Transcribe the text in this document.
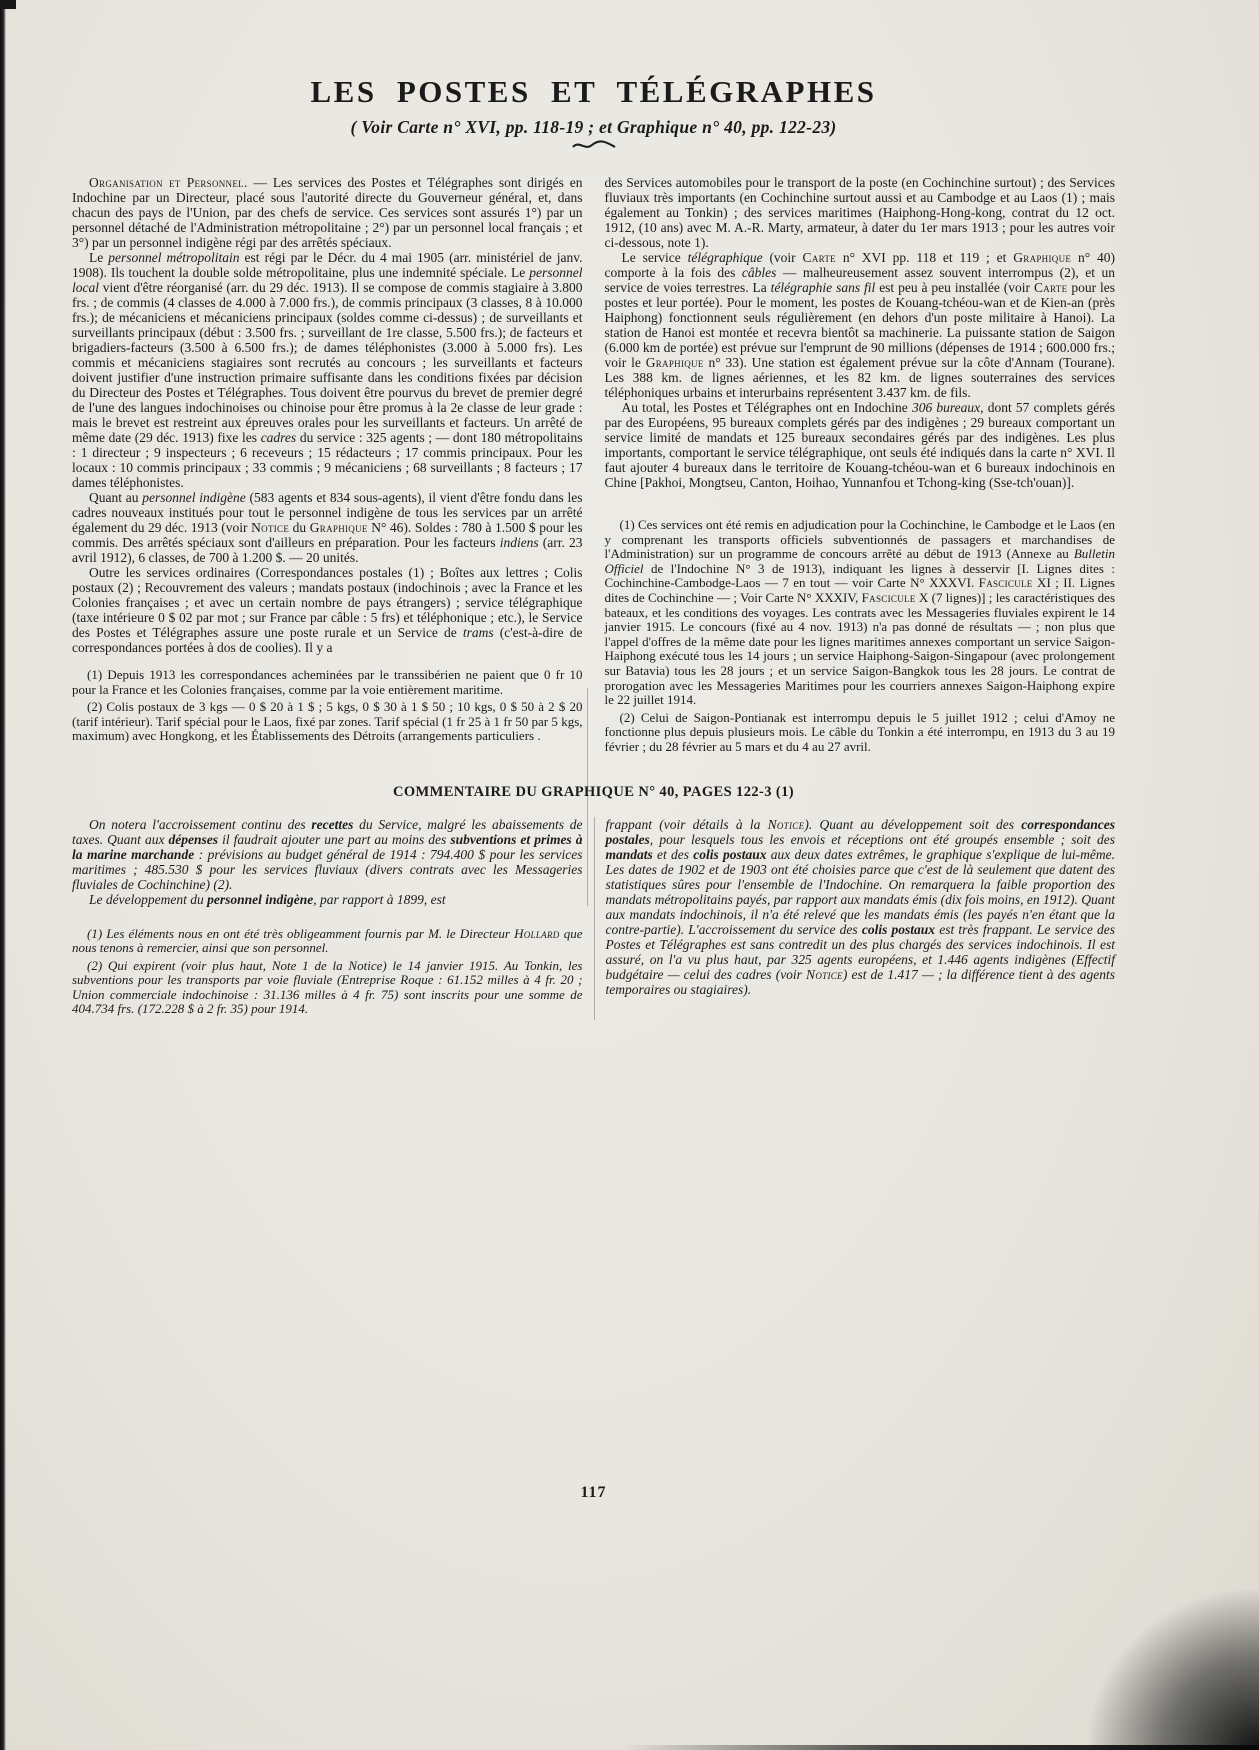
LES POSTES ET TÉLÉGRAPHES
( Voir Carte n° XVI, pp. 118-19 ; et Graphique n° 40, pp. 122-23)

Organisation et Personnel. — Les services des Postes et Télégraphes sont dirigés en Indochine par un Directeur, placé sous l'autorité directe du Gouverneur général, et, dans chacun des pays de l'Union, par des chefs de service. Ces services sont assurés 1°) par un personnel détaché de l'Administration métropolitaine ; 2°) par un personnel local français ; et 3°) par un personnel indigène régi par des arrêtés spéciaux.

Le personnel métropolitain est régi par le Décr. du 4 mai 1905 (arr. ministériel de janv. 1908). Ils touchent la double solde métropolitaine, plus une indemnité spéciale. Le personnel local vient d'être réorganisé (arr. du 29 déc. 1913). Il se compose de commis stagiaire à 3.800 frs. ; de commis (4 classes de 4.000 à 7.000 frs.), de commis principaux (3 classes, 8 à 10.000 frs.); de mécaniciens et mécaniciens principaux (soldes comme ci-dessus) ; de surveillants et surveillants principaux (début : 3.500 frs. ; surveillant de 1re classe, 5.500 frs.); de facteurs et brigadiers-facteurs (3.500 à 6.500 frs.); de dames téléphonistes (3.000 à 5.000 frs). Les commis et mécaniciens stagiaires sont recrutés au concours ; les surveillants et facteurs doivent justifier d'une instruction primaire suffisante dans les conditions fixées par décision du Directeur des Postes et Télégraphes. Tous doivent être pourvus du brevet de premier degré de l'une des langues indochinoises ou chinoise pour être promus à la 2e classe de leur grade : mais le brevet est restreint aux épreuves orales pour les surveillants et facteurs. Un arrêté de même date (29 déc. 1913) fixe les cadres du service : 325 agents ; — dont 180 métropolitains : 1 directeur ; 9 inspecteurs ; 6 receveurs ; 15 rédacteurs ; 17 commis principaux. Pour les locaux : 10 commis principaux ; 33 commis ; 9 mécaniciens ; 68 surveillants ; 8 facteurs ; 17 dames téléphonistes.

Quant au personnel indigène (583 agents et 834 sous-agents), il vient d'être fondu dans les cadres nouveaux institués pour tout le personnel indigène de tous les services par un arrêté également du 29 déc. 1913 (voir Notice du Graphique N° 46). Soldes : 780 à 1.500 $ pour les commis. Des arrêtés spéciaux sont d'ailleurs en préparation. Pour les facteurs indiens (arr. 23 avril 1912), 6 classes, de 700 à 1.200 $. — 20 unités.

Outre les services ordinaires (Correspondances postales (1) ; Boîtes aux lettres ; Colis postaux (2) ; Recouvrement des valeurs ; mandats postaux (indochinois ; avec la France et les Colonies françaises ; et avec un certain nombre de pays étrangers) ; service télégraphique (taxe intérieure 0 $ 02 par mot ; sur France par câble : 5 frs) et téléphonique ; etc.), le Service des Postes et Télégraphes assure une poste rurale et un Service de trams (c'est-à-dire de correspondances portées à dos de coolies). Il y a

(1) Depuis 1913 les correspondances acheminées par le transsibérien ne paient que 0 fr 10 pour la France et les Colonies françaises, comme par la voie entièrement maritime.

(2) Colis postaux de 3 kgs — 0 $ 20 à 1 $ ; 5 kgs, 0 $ 30 à 1 $ 50 ; 10 kgs, 0 $ 50 à 2 $ 20 (tarif intérieur). Tarif spécial pour le Laos, fixé par zones. Tarif spécial (1 fr 25 à 1 fr 50 par 5 kgs, maximum) avec Hongkong, et les Établissements des Détroits (arrangements particuliers .

des Services automobiles pour le transport de la poste (en Cochinchine surtout) ; des Services fluviaux très importants (en Cochinchine surtout aussi et au Cambodge et au Laos (1) ; mais également au Tonkin) ; des services maritimes (Haiphong-Hong-kong, contrat du 12 oct. 1912, (10 ans) avec M. A.-R. Marty, armateur, à dater du 1er mars 1913 ; pour les autres voir ci-dessous, note 1).

Le service télégraphique (voir Carte n° XVI pp. 118 et 119 ; et Graphique n° 40) comporte à la fois des câbles — malheureusement assez souvent interrompus (2), et un service de voies terrestres. La télégraphie sans fil est peu à peu installée (voir Carte pour les postes et leur portée). Pour le moment, les postes de Kouang-tchéou-wan et de Kien-an (près Haiphong) fonctionnent seuls régulièrement (en dehors d'un poste militaire à Hanoi). La station de Hanoi est montée et recevra bientôt sa machinerie. La puissante station de Saigon (6.000 km de portée) est prévue sur l'emprunt de 90 millions (dépenses de 1914 ; 600.000 frs.; voir le Graphique n° 33). Une station est également prévue sur la côte d'Annam (Tourane). Les 388 km. de lignes aériennes, et les 82 km. de lignes souterraines des services téléphoniques urbains et interurbains représentent 3.437 km. de fils.

Au total, les Postes et Télégraphes ont en Indochine 306 bureaux, dont 57 complets gérés par des Européens, 95 bureaux complets gérés par des indigènes ; 29 bureaux comportant un service limité de mandats et 125 bureaux secondaires gérés par des indigènes. Les plus importants, comportant le service télégraphique, ont seuls été indiqués dans la carte n° XVI. Il faut ajouter 4 bureaux dans le territoire de Kouang-tchéou-wan et 6 bureaux indochinois en Chine [Pakhoi, Mongtseu, Canton, Hoihao, Yunnanfou et Tchong-king (Sse-tch'ouan)].

(1) Ces services ont été remis en adjudication pour la Cochinchine, le Cambodge et le Laos (en y comprenant les transports officiels subventionnés de passagers et marchandises de l'Administration) sur un programme de concours arrêté au début de 1913 (Annexe au Bulletin Officiel de l'Indochine N° 3 de 1913), indiquant les lignes à desservir [I. Lignes dites : Cochinchine-Cambodge-Laos — 7 en tout — voir Carte N° XXXVI. Fascicule XI ; II. Lignes dites de Cochinchine — ; Voir Carte N° XXXIV, Fascicule X (7 lignes)] ; les caractéristiques des bateaux, et les conditions des voyages. Les contrats avec les Messageries fluviales expirent le 14 janvier 1915. Le concours (fixé au 4 nov. 1913) n'a pas donné de résultats — ; non plus que l'appel d'offres de la même date pour les lignes maritimes annexes comportant un service Saigon-Haiphong exécuté tous les 14 jours ; un service Haiphong-Saigon-Singapour (avec prolongement sur Batavia) tous les 28 jours ; et un service Saigon-Bangkok tous les 28 jours. Le contrat de prorogation avec les Messageries Maritimes pour les courriers annexes Saigon-Haiphong expire le 22 juillet 1914.

(2) Celui de Saigon-Pontianak est interrompu depuis le 5 juillet 1912 ; celui d'Amoy ne fonctionne plus depuis plusieurs mois. Le câble du Tonkin a été interrompu, en 1913 du 3 au 19 février ; du 28 février au 5 mars et du 4 au 27 avril.

COMMENTAIRE DU GRAPHIQUE N° 40, PAGES 122-3 (1)

On notera l'accroissement continu des recettes du Service, malgré les abaissements de taxes. Quant aux dépenses il faudrait ajouter une part au moins des subventions et primes à la marine marchande : prévisions au budget général de 1914 : 794.400 $ pour les services maritimes ; 485.530 $ pour les services fluviaux (divers contrats avec les Messageries fluviales de Cochinchine) (2).

Le développement du personnel indigène, par rapport à 1899, est

(1) Les éléments nous en ont été très obligeamment fournis par M. le Directeur Hollard que nous tenons à remercier, ainsi que son personnel.

(2) Qui expirent (voir plus haut, Note 1 de la Notice) le 14 janvier 1915. Au Tonkin, les subventions pour les transports par voie fluviale (Entreprise Roque : 61.152 milles à 4 fr. 20 ; Union commerciale indochinoise : 31.136 milles à 4 fr. 75) sont inscrits pour une somme de 404.734 frs. (172.228 $ à 2 fr. 35) pour 1914.

frappant (voir détails à la Notice). Quant au développement soit des correspondances postales, pour lesquels tous les envois et réceptions ont été groupés ensemble ; soit des mandats et des colis postaux aux deux dates extrêmes, le graphique s'explique de lui-même. Les dates de 1902 et de 1903 ont été choisies parce que c'est de là seulement que datent des statistiques sûres pour l'ensemble de l'Indochine. On remarquera la faible proportion des mandats métropolitains payés, par rapport aux mandats émis (dix fois moins, en 1912). Quant aux mandats indochinois, il n'a été relevé que les mandats émis (les payés n'en étant que la contre-partie). L'accroissement du service des colis postaux est très frappant. Le service des Postes et Télégraphes est sans contredit un des plus chargés des services indochinois. Il est assuré, on l'a vu plus haut, par 325 agents européens, et 1.446 agents indigènes (Effectif budgétaire — celui des cadres (voir Notice) est de 1.417 — ; la différence tient à des agents temporaires ou stagiaires).

117
